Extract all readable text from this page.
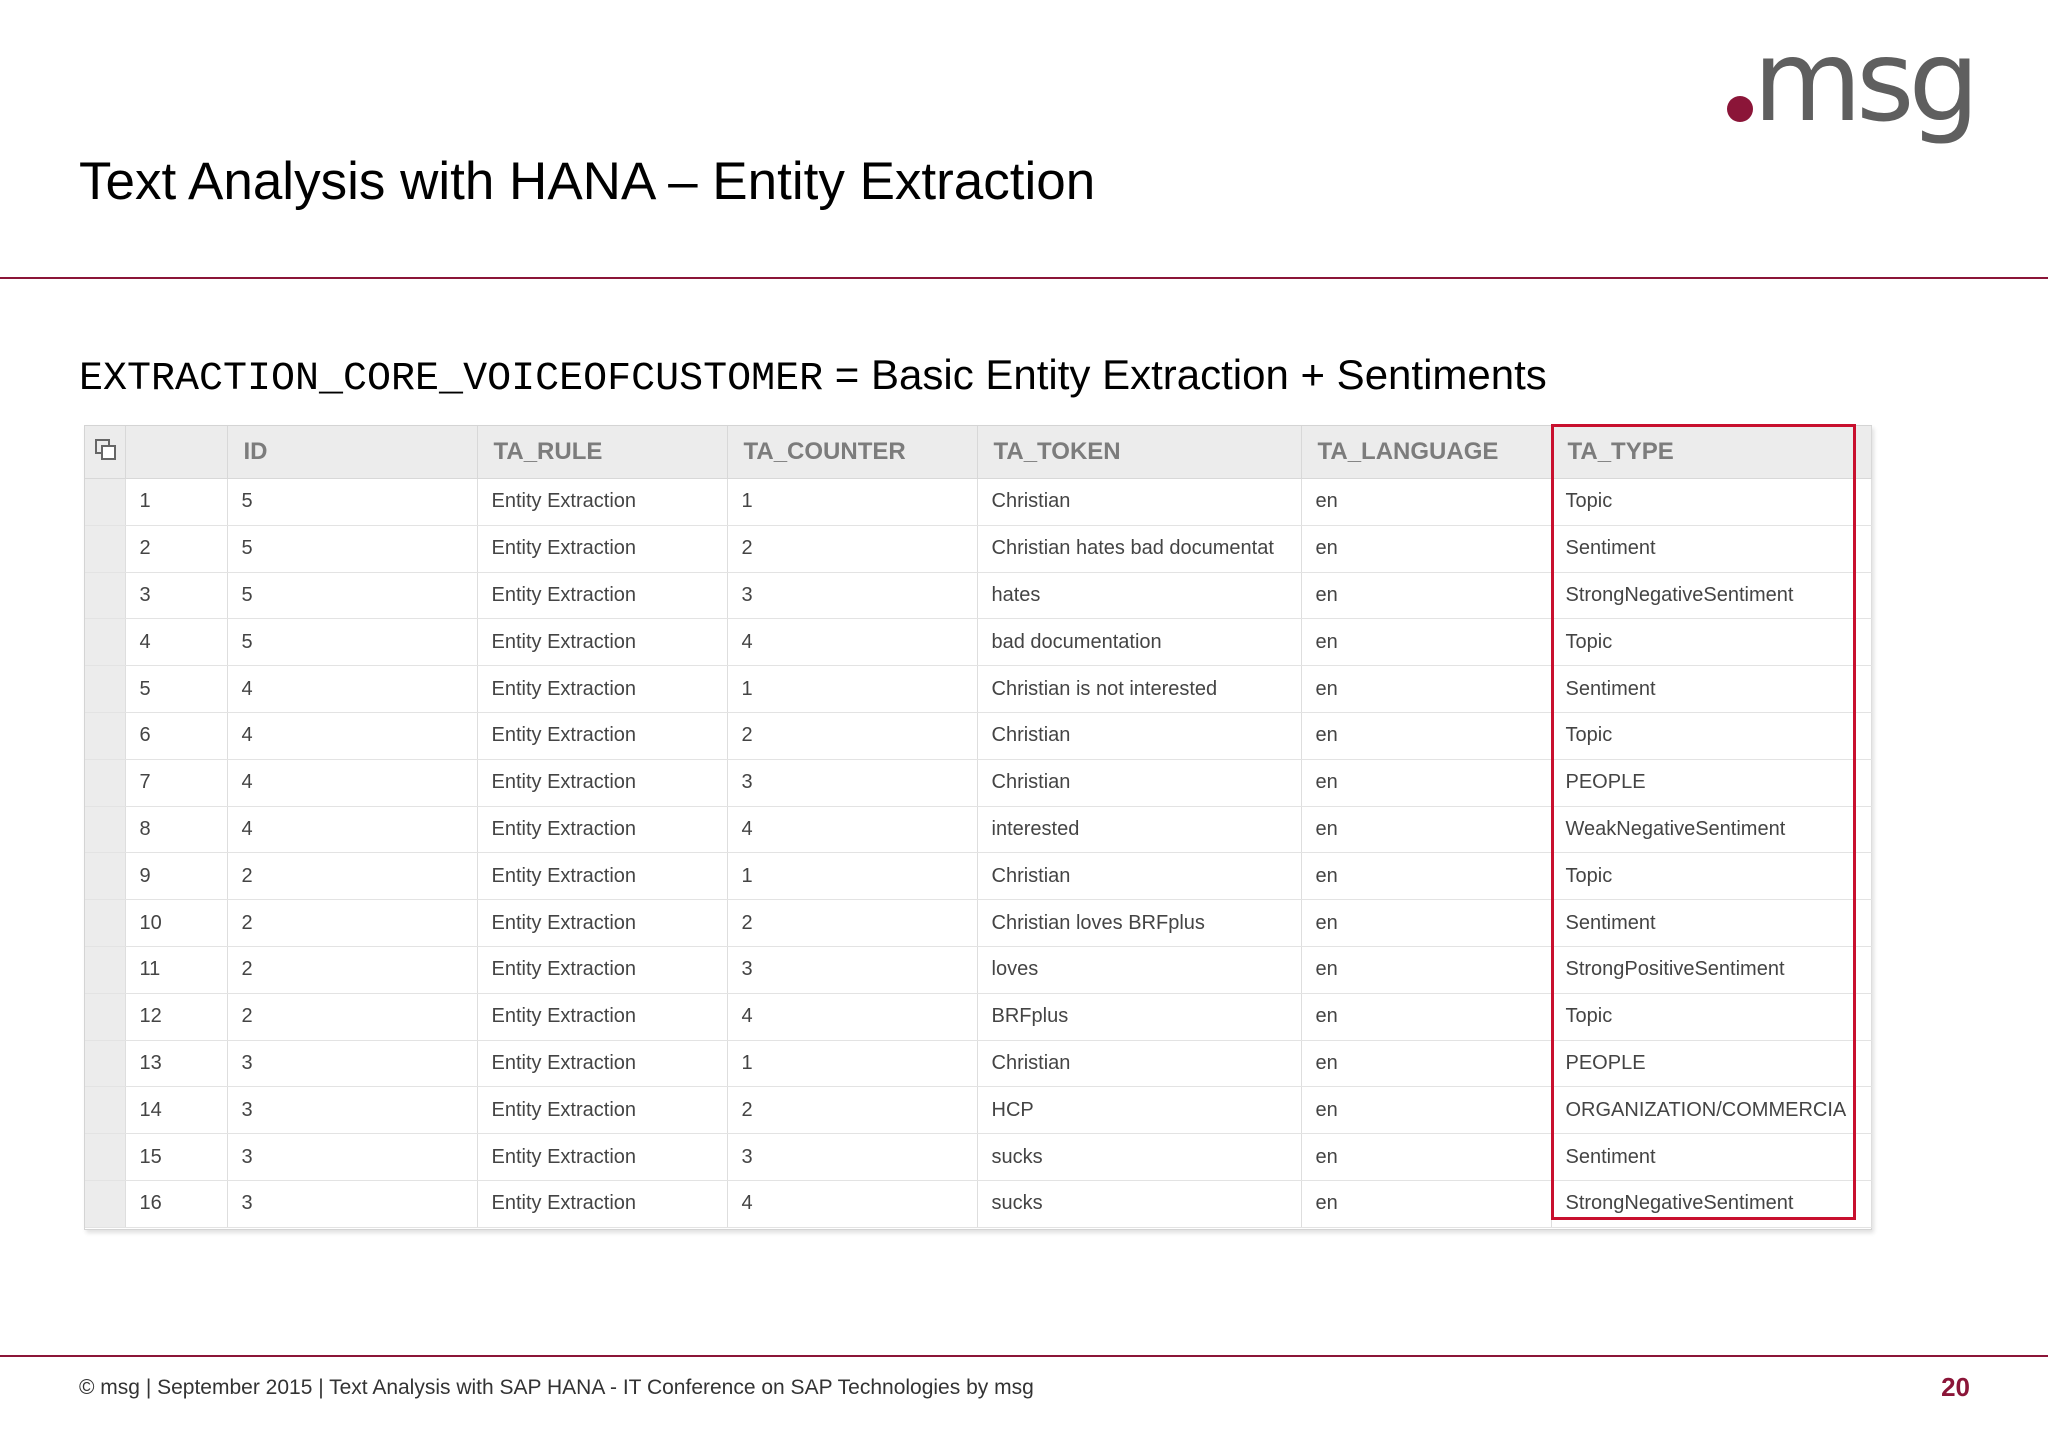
msg
Text Analysis with HANA – Entity Extraction
EXTRACTION_CORE_VOICEOFCUSTOMER = Basic Entity Extraction + Sentiments
		ID	TA_RULE	TA_COUNTER	TA_TOKEN	TA_LANGUAGE	TA_TYPE
	1	5	Entity Extraction	1	Christian	en	Topic
	2	5	Entity Extraction	2	Christian hates bad documentat	en	Sentiment
	3	5	Entity Extraction	3	hates	en	StrongNegativeSentiment
	4	5	Entity Extraction	4	bad documentation	en	Topic
	5	4	Entity Extraction	1	Christian is not interested	en	Sentiment
	6	4	Entity Extraction	2	Christian	en	Topic
	7	4	Entity Extraction	3	Christian	en	PEOPLE
	8	4	Entity Extraction	4	interested	en	WeakNegativeSentiment
	9	2	Entity Extraction	1	Christian	en	Topic
	10	2	Entity Extraction	2	Christian loves BRFplus	en	Sentiment
	11	2	Entity Extraction	3	loves	en	StrongPositiveSentiment
	12	2	Entity Extraction	4	BRFplus	en	Topic
	13	3	Entity Extraction	1	Christian	en	PEOPLE
	14	3	Entity Extraction	2	HCP	en	ORGANIZATION/COMMERCIA
	15	3	Entity Extraction	3	sucks	en	Sentiment
	16	3	Entity Extraction	4	sucks	en	StrongNegativeSentiment
© msg | September 2015 | Text Analysis with SAP HANA - IT Conference on SAP Technologies by msg	20
